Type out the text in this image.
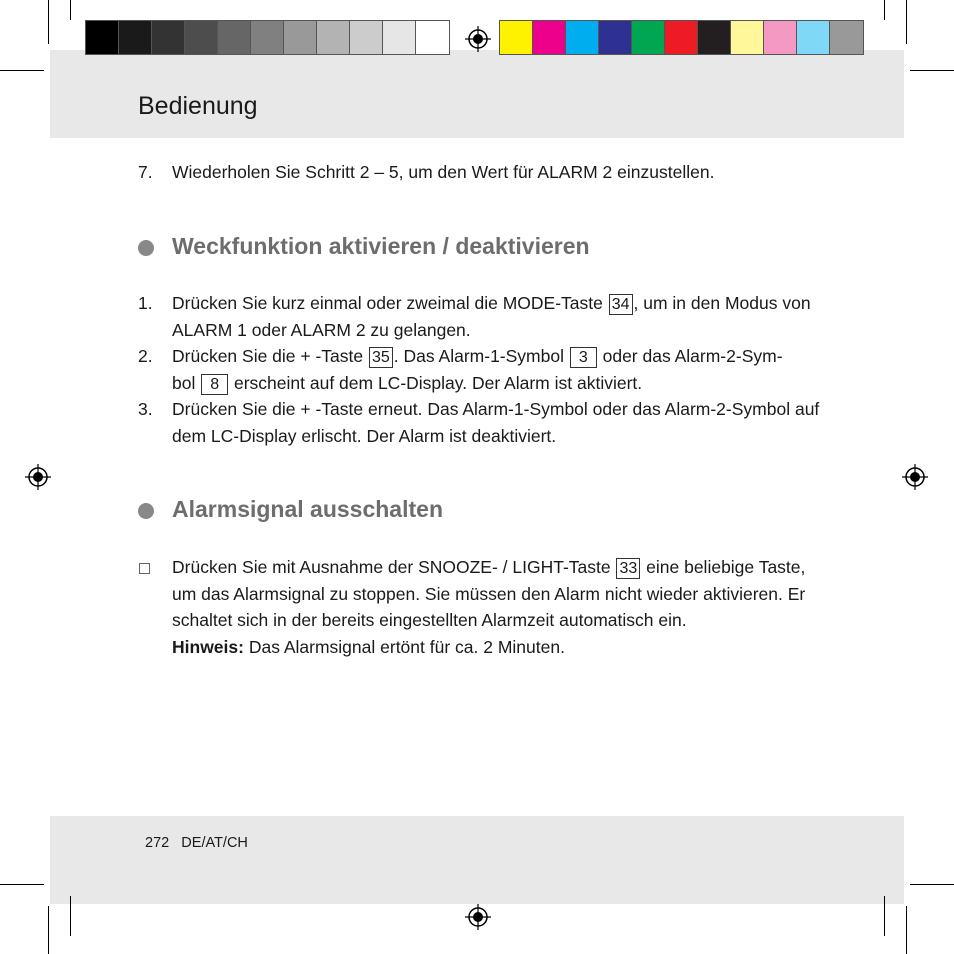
Bedienung
7. Wiederholen Sie Schritt 2 – 5, um den Wert für ALARM 2 einzustellen.
Weckfunktion aktivieren / deaktivieren
1. Drücken Sie kurz einmal oder zweimal die MODE-Taste 34 , um in den Modus von ALARM 1 oder ALARM 2 zu gelangen.
2. Drücken Sie die + -Taste 35 . Das Alarm-1-Symbol 3 oder das Alarm-2-Sym-
bol 8 erscheint auf dem LC-Display. Der Alarm ist aktiviert.
3. Drücken Sie die + -Taste erneut. Das Alarm-1-Symbol oder das Alarm-2-Symbol auf dem LC-Display erlischt. Der Alarm ist deaktiviert.
Alarmsignal ausschalten
Drücken Sie mit Ausnahme der SNOOZE- / LIGHT-Taste 33 eine beliebige Taste, um das Alarmsignal zu stoppen. Sie müssen den Alarm nicht wieder aktivieren. Er schaltet sich in der bereits eingestellten Alarmzeit automatisch ein.
Hinweis: Das Alarmsignal ertönt für ca. 2 Minuten.
272 DE/AT/CH
